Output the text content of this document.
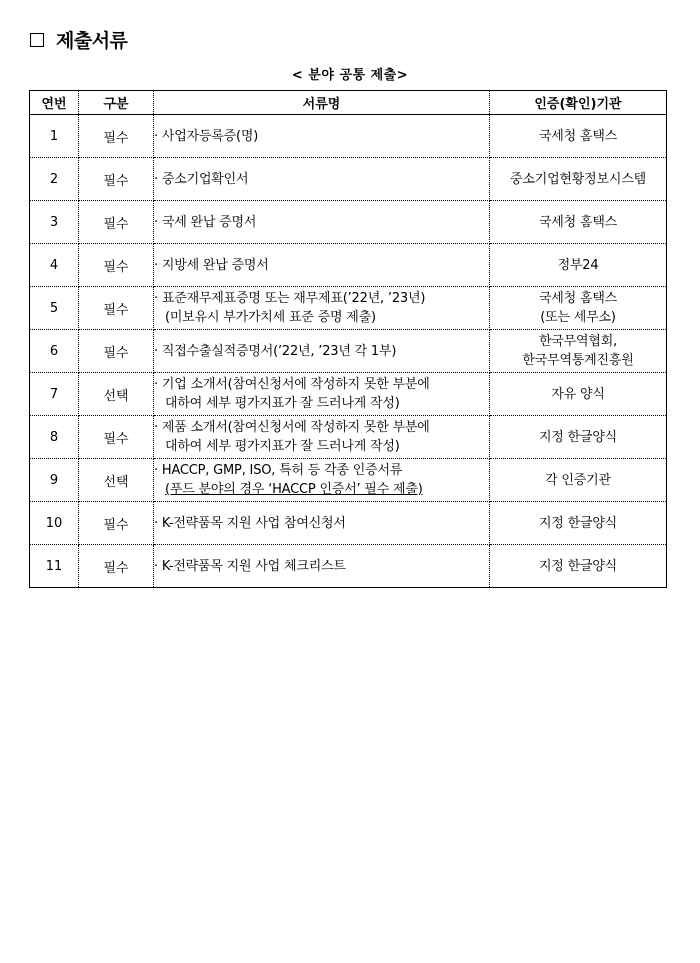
제출서류
< 분야 공통 제출>
연번	구분	서류명	인증(확인)기관
1	필수	· 사업자등록증(명)	국세청 홈택스
2	필수	· 중소기업확인서	중소기업현황정보시스템
3	필수	· 국세 완납 증명서	국세청 홈택스
4	필수	· 지방세 완납 증명서	정부24
5	필수	· 표준재무제표증명 또는 재무제표(’22년, ’23년)
(미보유시 부가가치세 표준 증명 제출)	국세청 홈택스
(또는 세무소)

6	필수	· 직접수출실적증명서(’22년, ’23년 각 1부)	한국무역협회,
한국무역통계진흥원

7	선택	· 기업 소개서(참여신청서에 작성하지 못한 부분에
대하여 세부 평가지표가 잘 드러나게 작성)	자유 양식
8	필수	· 제품 소개서(참여신청서에 작성하지 못한 부분에
대하여 세부 평가지표가 잘 드러나게 작성)	지정 한글양식
9	선택	· HACCP, GMP, ISO, 특허 등 각종 인증서류
(푸드 분야의 경우 ‘HACCP 인증서’ 필수 제출)	각 인증기관
10	필수	· K-전략품목 지원 사업 참여신청서	지정 한글양식
11	필수	· K-전략품목 지원 사업 체크리스트	지정 한글양식
